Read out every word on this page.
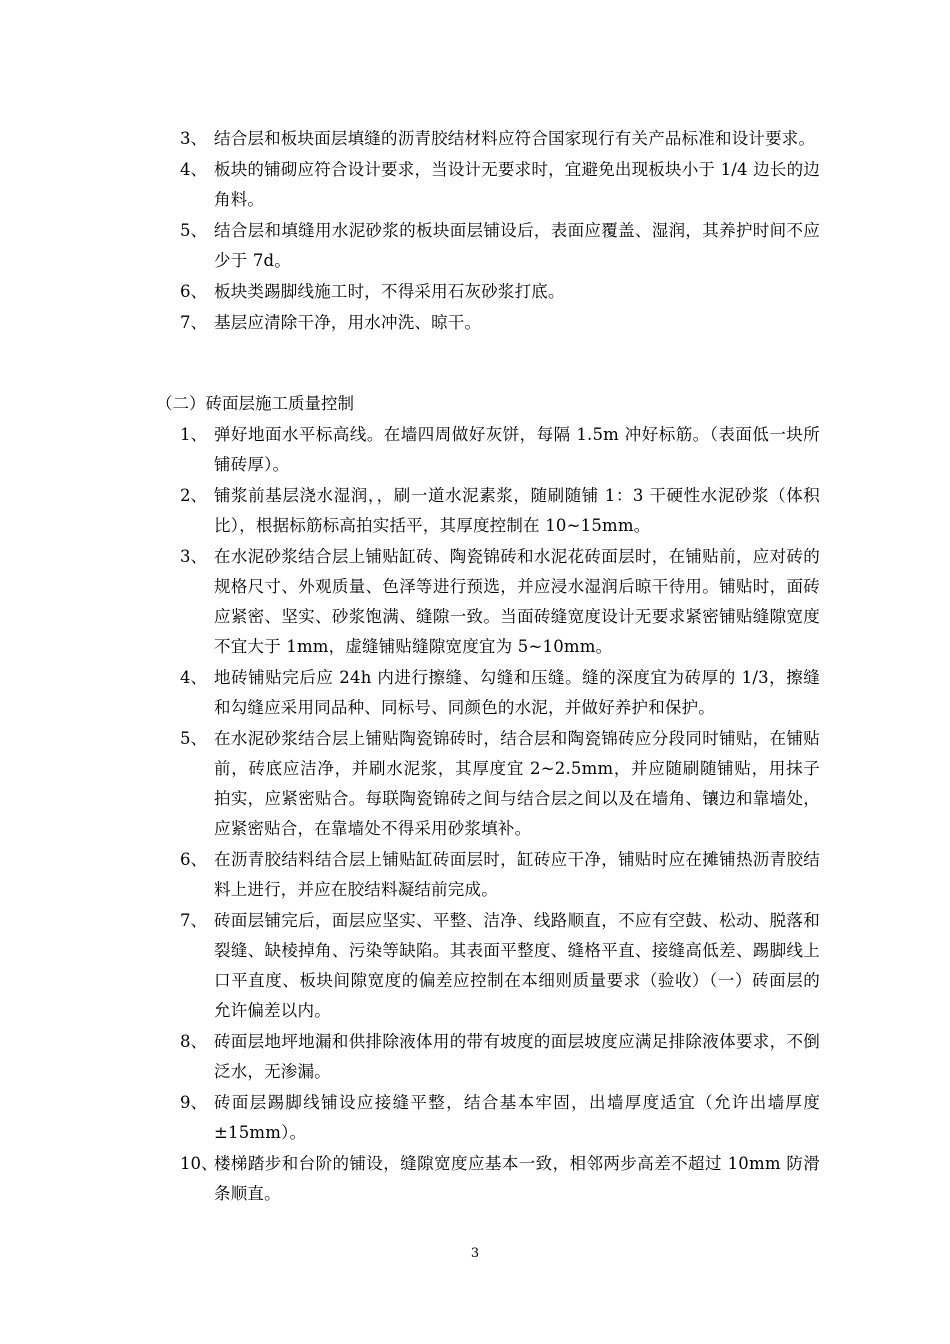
3、 结合层和板块面层填缝的沥青胶结材料应符合国家现行有关产品标准和设计要求。
4、 板块的铺砌应符合设计要求，当设计无要求时，宜避免出现板块小于 1/4 边长的边角料。
5、 结合层和填缝用水泥砂浆的板块面层铺设后，表面应覆盖、湿润，其养护时间不应少于 7d。
6、 板块类踢脚线施工时，不得采用石灰砂浆打底。
7、 基层应清除干净，用水冲洗、晾干。
（二）砖面层施工质量控制
1、 弹好地面水平标高线。在墙四周做好灰饼，每隔 1.5m 冲好标筋。（表面低一块所铺砖厚）。
2、 铺浆前基层浇水湿润，，刷一道水泥素浆，随刷随铺 1：3 干硬性水泥砂浆（体积比），根据标筋标高拍实括平，其厚度控制在 10~15mm。
3、 在水泥砂浆结合层上铺贴缸砖、陶瓷锦砖和水泥花砖面层时，在铺贴前，应对砖的规格尺寸、外观质量、色泽等进行预选，并应浸水湿润后晾干待用。铺贴时，面砖应紧密、坚实、砂浆饱满、缝隙一致。当面砖缝宽度设计无要求紧密铺贴缝隙宽度不宜大于 1mm，虚缝铺贴缝隙宽度宜为 5~10mm。
4、 地砖铺贴完后应 24h 内进行擦缝、勾缝和压缝。缝的深度宜为砖厚的 1/3，擦缝和勾缝应采用同品种、同标号、同颜色的水泥，并做好养护和保护。
5、 在水泥砂浆结合层上铺贴陶瓷锦砖时，结合层和陶瓷锦砖应分段同时铺贴，在铺贴前，砖底应洁净，并刷水泥浆，其厚度宜 2~2.5mm，并应随刷随铺贴，用抹子拍实，应紧密贴合。每联陶瓷锦砖之间与结合层之间以及在墙角、镶边和靠墙处，应紧密贴合，在靠墙处不得采用砂浆填补。
6、 在沥青胶结料结合层上铺贴缸砖面层时，缸砖应干净，铺贴时应在摊铺热沥青胶结料上进行，并应在胶结料凝结前完成。
7、 砖面层铺完后，面层应坚实、平整、洁净、线路顺直，不应有空鼓、松动、脱落和裂缝、缺棱掉角、污染等缺陷。其表面平整度、缝格平直、接缝高低差、踢脚线上口平直度、板块间隙宽度的偏差应控制在本细则质量要求（验收）（一）砖面层的允许偏差以内。
8、 砖面层地坪地漏和供排除液体用的带有坡度的面层坡度应满足排除液体要求，不倒泛水，无渗漏。
9、 砖面层踢脚线铺设应接缝平整，结合基本牢固，出墙厚度适宜（允许出墙厚度±15mm）。
10、
楼梯踏步和台阶的铺设，缝隙宽度应基本一致，相邻两步高差不超过 10mm 防滑条顺直。
3
